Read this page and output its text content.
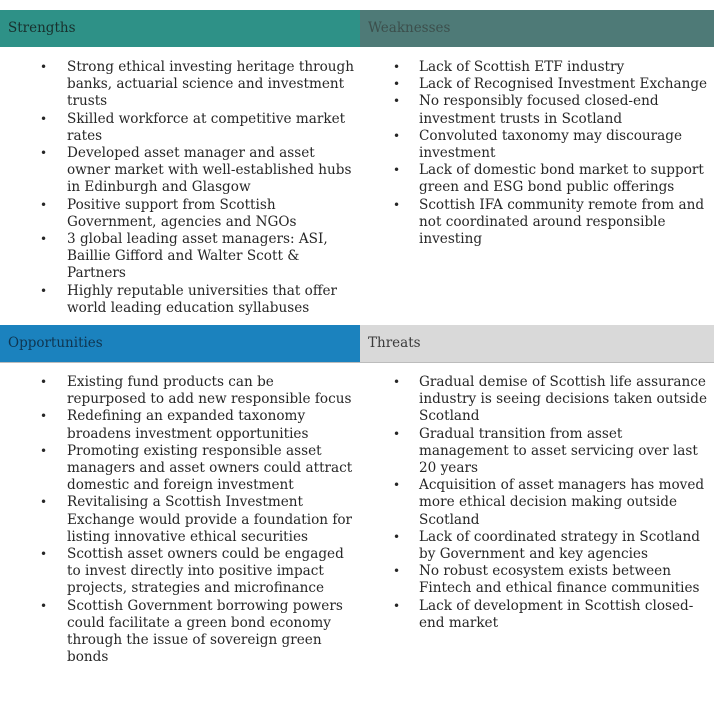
Strengths
• Strong ethical investing heritage through banks, actuarial science and investment trusts
• Skilled workforce at competitive market rates
• Developed asset manager and asset owner market with well-established hubs in Edinburgh and Glasgow
• Positive support from Scottish Government, agencies and NGOs
• 3 global leading asset managers: ASI, Baillie Gifford and Walter Scott & Partners
• Highly reputable universities that offer world leading education syllabuses
Weaknesses
• Lack of Scottish ETF industry
• Lack of Recognised Investment Exchange
• No responsibly focused closed-end investment trusts in Scotland
• Convoluted taxonomy may discourage investment
• Lack of domestic bond market to support green and ESG bond public offerings
• Scottish IFA community remote from and not coordinated around responsible investing
Opportunities
• Existing fund products can be repurposed to add new responsible focus
• Redefining an expanded taxonomy broadens investment opportunities
• Promoting existing responsible asset managers and asset owners could attract domestic and foreign investment
• Revitalising a Scottish Investment Exchange would provide a foundation for listing innovative ethical securities
• Scottish asset owners could be engaged to invest directly into positive impact projects, strategies and microfinance
• Scottish Government borrowing powers could facilitate a green bond economy through the issue of sovereign green bonds
Threats
• Gradual demise of Scottish life assurance industry is seeing decisions taken outside Scotland
• Gradual transition from asset management to asset servicing over last 20 years
• Acquisition of asset managers has moved more ethical decision making outside Scotland
• Lack of coordinated strategy in Scotland by Government and key agencies
• No robust ecosystem exists between Fintech and ethical finance communities
• Lack of development in Scottish closed-end market
